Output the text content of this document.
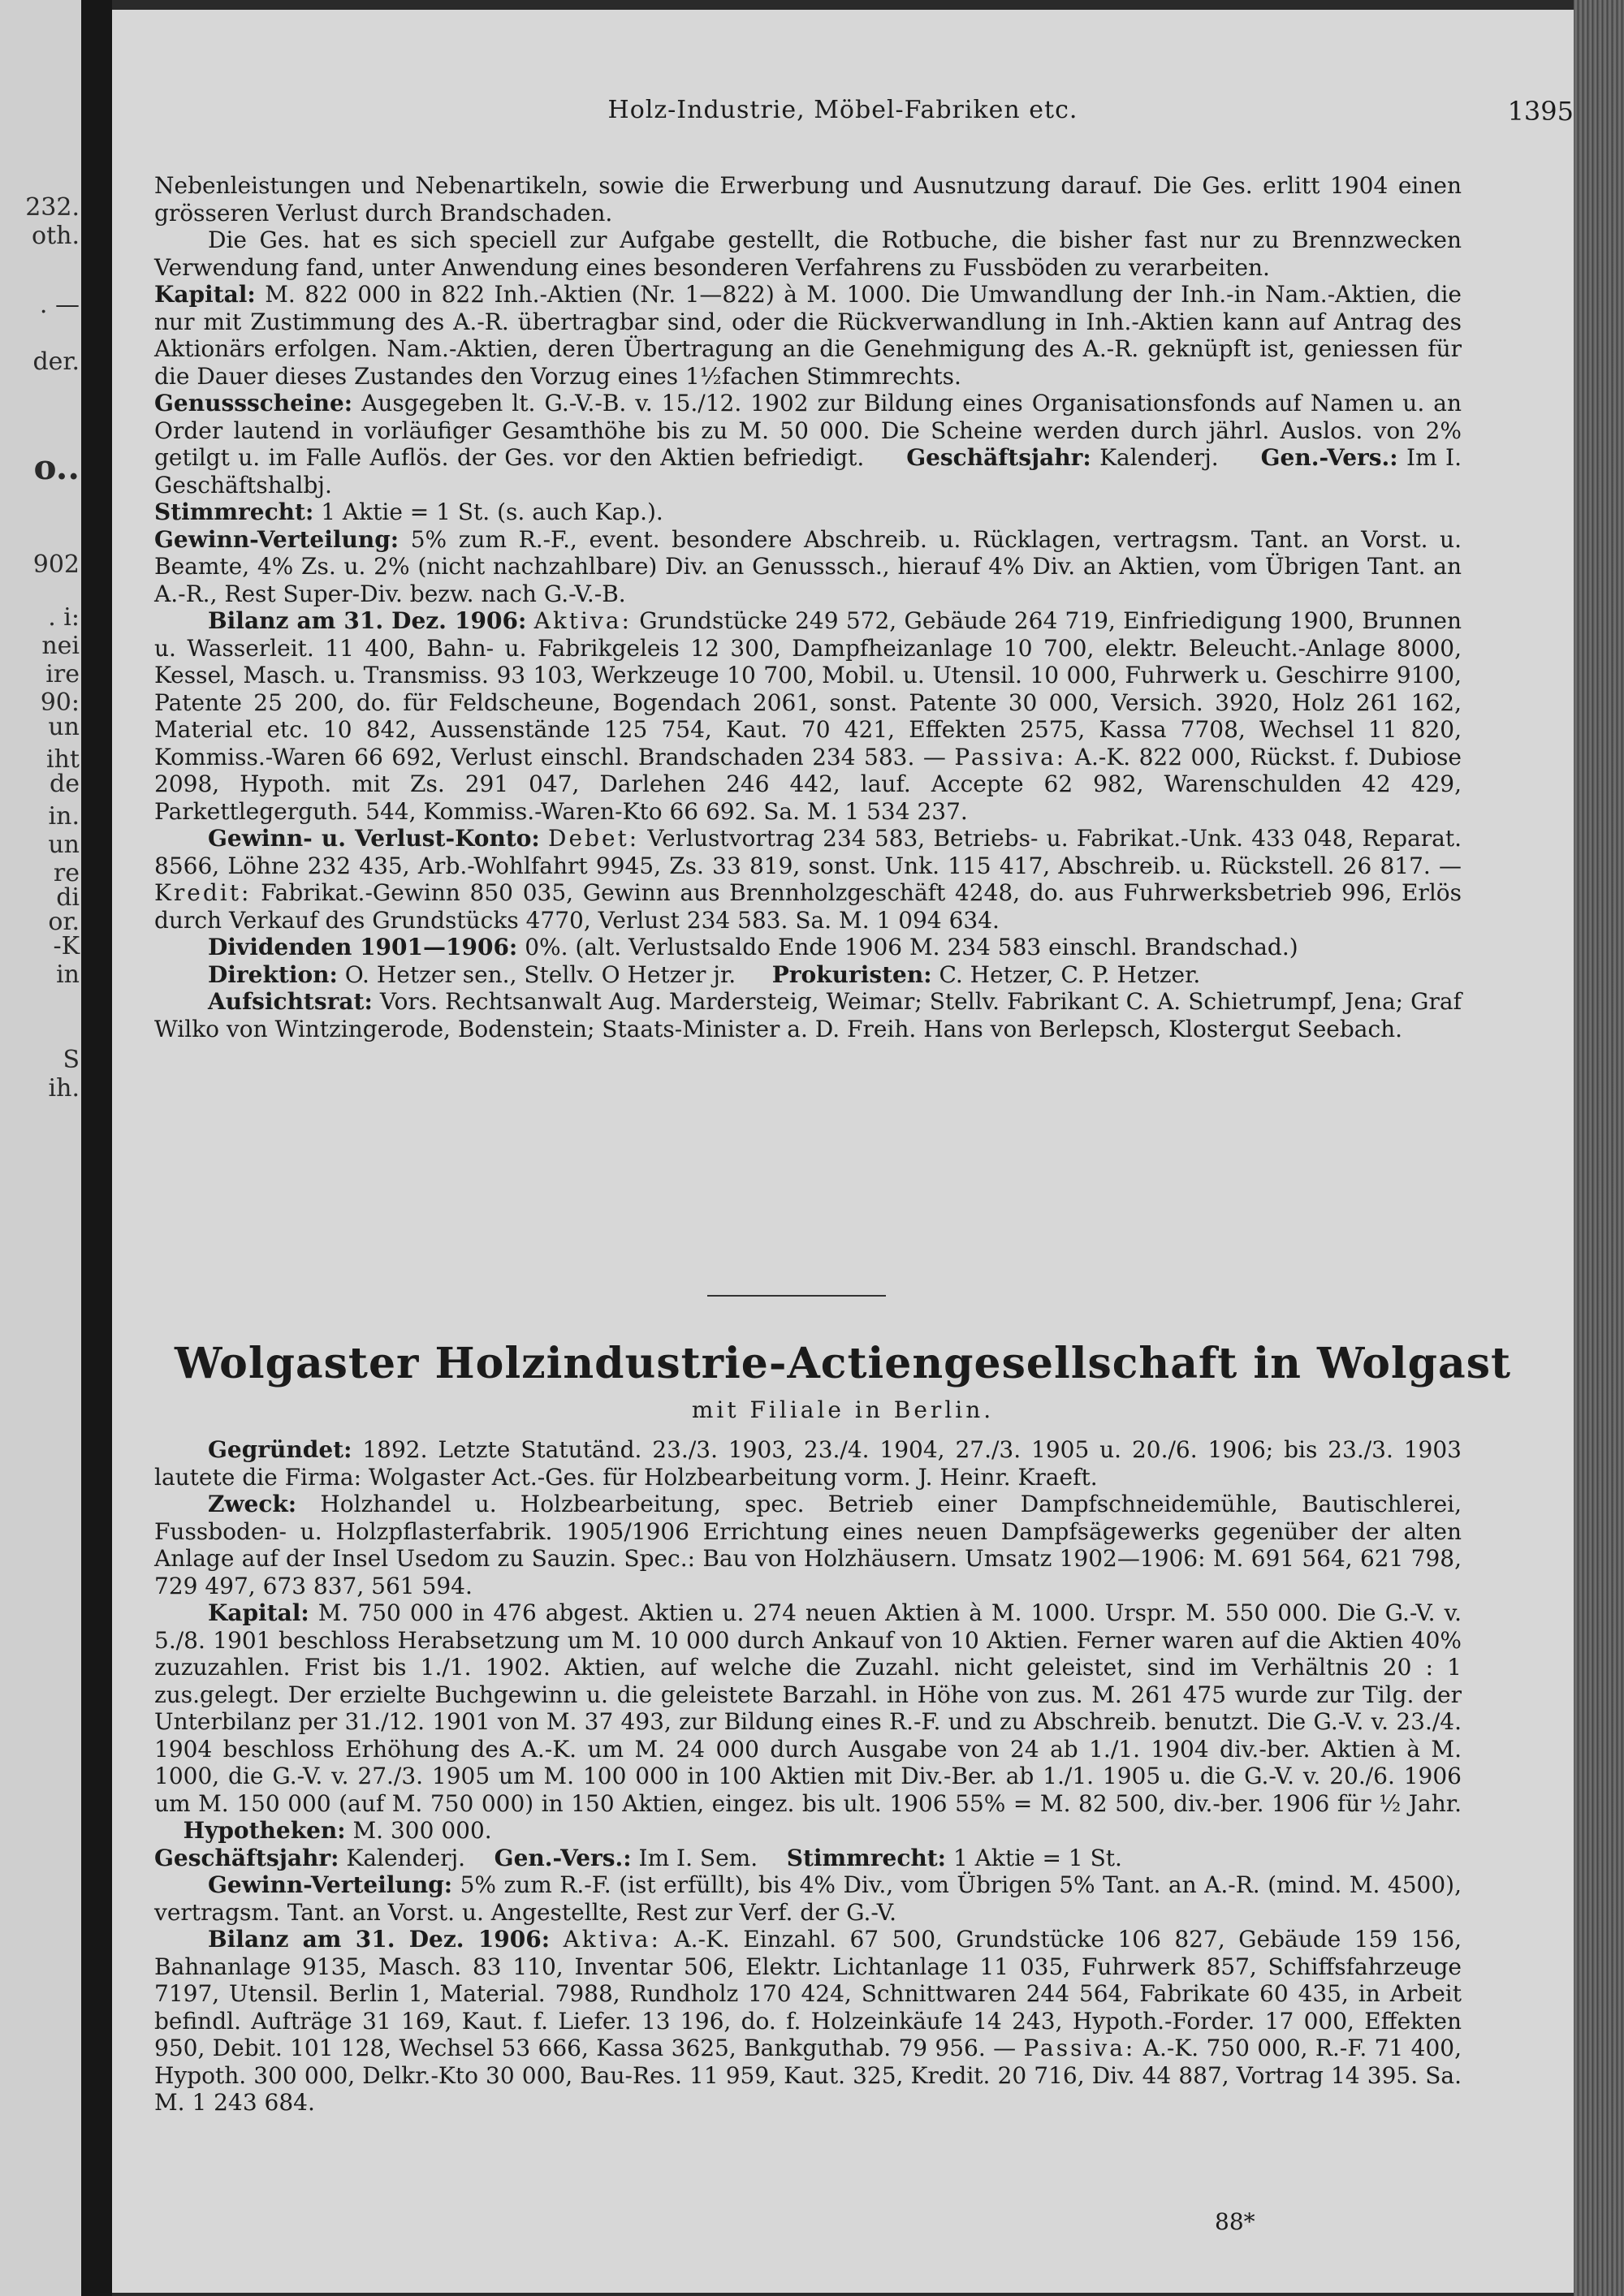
232.
oth.
. —
der.
o..
902
. i:
nei
ire
90:
un
iht
de
in.
un
re
di
or.
-K
in
S
ih.
Holz-Industrie, Möbel-Fabriken etc.	1395

Nebenleistungen und Nebenartikeln, sowie die Erwerbung und Ausnutzung darauf. Die Ges. erlitt 1904 einen grösseren Verlust durch Brandschaden.

Die Ges. hat es sich speciell zur Aufgabe gestellt, die Rotbuche, die bisher fast nur zu Brennzwecken Verwendung fand, unter Anwendung eines besonderen Verfahrens zu Fussböden zu verarbeiten.

Kapital: M. 822 000 in 822 Inh.-Aktien (Nr. 1—822) à M. 1000. Die Umwandlung der Inh.-in Nam.-Aktien, die nur mit Zustimmung des A.-R. übertragbar sind, oder die Rückverwandlung in Inh.-Aktien kann auf Antrag des Aktionärs erfolgen. Nam.-Aktien, deren Übertragung an die Genehmigung des A.-R. geknüpft ist, geniessen für die Dauer dieses Zustandes den Vorzug eines 1½fachen Stimmrechts.

Genussscheine: Ausgegeben lt. G.-V.-B. v. 15./12. 1902 zur Bildung eines Organisationsfonds auf Namen u. an Order lautend in vorläufiger Gesamthöhe bis zu M. 50 000. Die Scheine werden durch jährl. Auslos. von 2% getilgt u. im Falle Auflös. der Ges. vor den Aktien befriedigt. Geschäftsjahr: Kalenderj. Gen.-Vers.: Im I. Geschäftshalbj.

Stimmrecht: 1 Aktie = 1 St. (s. auch Kap.).

Gewinn-Verteilung: 5% zum R.-F., event. besondere Abschreib. u. Rücklagen, vertragsm. Tant. an Vorst. u. Beamte, 4% Zs. u. 2% (nicht nachzahlbare) Div. an Genusssch., hierauf 4% Div. an Aktien, vom Übrigen Tant. an A.-R., Rest Super-Div. bezw. nach G.-V.-B.

Bilanz am 31. Dez. 1906: Aktiva: Grundstücke 249 572, Gebäude 264 719, Einfriedigung 1900, Brunnen u. Wasserleit. 11 400, Bahn- u. Fabrikgeleis 12 300, Dampfheizanlage 10 700, elektr. Beleucht.-Anlage 8000, Kessel, Masch. u. Transmiss. 93 103, Werkzeuge 10 700, Mobil. u. Utensil. 10 000, Fuhrwerk u. Geschirre 9100, Patente 25 200, do. für Feldscheune, Bogendach 2061, sonst. Patente 30 000, Versich. 3920, Holz 261 162, Material etc. 10 842, Aussenstände 125 754, Kaut. 70 421, Effekten 2575, Kassa 7708, Wechsel 11 820, Kommiss.-Waren 66 692, Verlust einschl. Brandschaden 234 583. — Passiva: A.-K. 822 000, Rückst. f. Dubiose 2098, Hypoth. mit Zs. 291 047, Darlehen 246 442, lauf. Accepte 62 982, Warenschulden 42 429, Parkettlegerguth. 544, Kommiss.-Waren-Kto 66 692. Sa. M. 1 534 237.

Gewinn- u. Verlust-Konto: Debet: Verlustvortrag 234 583, Betriebs- u. Fabrikat.-Unk. 433 048, Reparat. 8566, Löhne 232 435, Arb.-Wohlfahrt 9945, Zs. 33 819, sonst. Unk. 115 417, Abschreib. u. Rückstell. 26 817. — Kredit: Fabrikat.-Gewinn 850 035, Gewinn aus Brennholzgeschäft 4248, do. aus Fuhrwerksbetrieb 996, Erlös durch Verkauf des Grundstücks 4770, Verlust 234 583. Sa. M. 1 094 634.

Dividenden 1901—1906: 0%. (alt. Verlustsaldo Ende 1906 M. 234 583 einschl. Brandschad.)

Direktion: O. Hetzer sen., Stellv. O Hetzer jr. Prokuristen: C. Hetzer, C. P. Hetzer.

Aufsichtsrat: Vors. Rechtsanwalt Aug. Mardersteig, Weimar; Stellv. Fabrikant C. A. Schietrumpf, Jena; Graf Wilko von Wintzingerode, Bodenstein; Staats-Minister a. D. Freih. Hans von Berlepsch, Klostergut Seebach.

Wolgaster Holzindustrie-Actiengesellschaft in Wolgast
mit Filiale in Berlin.

Gegründet: 1892. Letzte Statutänd. 23./3. 1903, 23./4. 1904, 27./3. 1905 u. 20./6. 1906; bis 23./3. 1903 lautete die Firma: Wolgaster Act.-Ges. für Holzbearbeitung vorm. J. Heinr. Kraeft.

Zweck: Holzhandel u. Holzbearbeitung, spec. Betrieb einer Dampfschneidemühle, Bautischlerei, Fussboden- u. Holzpflasterfabrik. 1905/1906 Errichtung eines neuen Dampfsägewerks gegenüber der alten Anlage auf der Insel Usedom zu Sauzin. Spec.: Bau von Holzhäusern. Umsatz 1902—1906: M. 691 564, 621 798, 729 497, 673 837, 561 594.

Kapital: M. 750 000 in 476 abgest. Aktien u. 274 neuen Aktien à M. 1000. Urspr. M. 550 000. Die G.-V. v. 5./8. 1901 beschloss Herabsetzung um M. 10 000 durch Ankauf von 10 Aktien. Ferner waren auf die Aktien 40% zuzuzahlen. Frist bis 1./1. 1902. Aktien, auf welche die Zuzahl. nicht geleistet, sind im Verhältnis 20 : 1 zus.gelegt. Der erzielte Buchgewinn u. die geleistete Barzahl. in Höhe von zus. M. 261 475 wurde zur Tilg. der Unterbilanz per 31./12. 1901 von M. 37 493, zur Bildung eines R.-F. und zu Abschreib. benutzt. Die G.-V. v. 23./4. 1904 beschloss Erhöhung des A.-K. um M. 24 000 durch Ausgabe von 24 ab 1./1. 1904 div.-ber. Aktien à M. 1000, die G.-V. v. 27./3. 1905 um M. 100 000 in 100 Aktien mit Div.-Ber. ab 1./1. 1905 u. die G.-V. v. 20./6. 1906 um M. 150 000 (auf M. 750 000) in 150 Aktien, eingez. bis ult. 1906 55% = M. 82 500, div.-ber. 1906 für ½ Jahr.     Hypotheken: M. 300 000.

Geschäftsjahr: Kalenderj. Gen.-Vers.: Im I. Sem. Stimmrecht: 1 Aktie = 1 St.

Gewinn-Verteilung: 5% zum R.-F. (ist erfüllt), bis 4% Div., vom Übrigen 5% Tant. an A.-R. (mind. M. 4500), vertragsm. Tant. an Vorst. u. Angestellte, Rest zur Verf. der G.-V.

Bilanz am 31. Dez. 1906: Aktiva: A.-K. Einzahl. 67 500, Grundstücke 106 827, Gebäude 159 156, Bahnanlage 9135, Masch. 83 110, Inventar 506, Elektr. Lichtanlage 11 035, Fuhrwerk 857, Schiffsfahrzeuge 7197, Utensil. Berlin 1, Material. 7988, Rundholz 170 424, Schnittwaren 244 564, Fabrikate 60 435, in Arbeit befindl. Aufträge 31 169, Kaut. f. Liefer. 13 196, do. f. Holzeinkäufe 14 243, Hypoth.-Forder. 17 000, Effekten 950, Debit. 101 128, Wechsel 53 666, Kassa 3625, Bankguthab. 79 956. — Passiva: A.-K. 750 000, R.-F. 71 400, Hypoth. 300 000, Delkr.-Kto 30 000, Bau-Res. 11 959, Kaut. 325, Kredit. 20 716, Div. 44 887, Vortrag 14 395. Sa. M. 1 243 684.

88*
